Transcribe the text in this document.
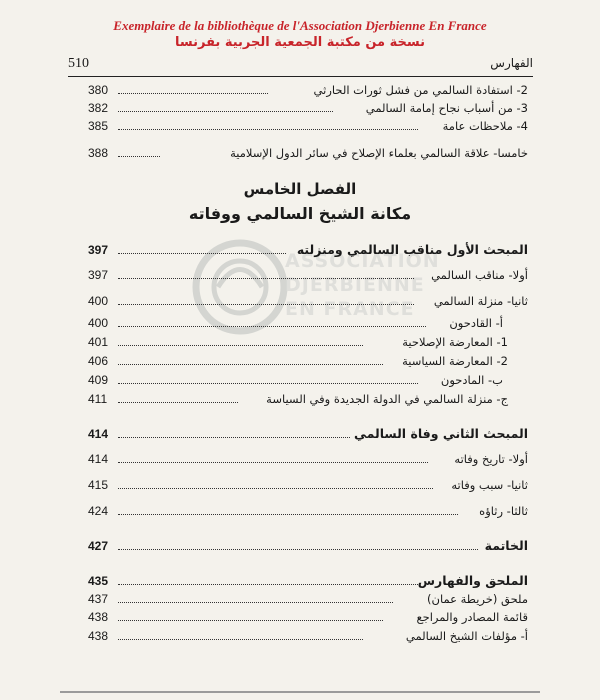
Exemplaire de la bibliothèque de l'Association Djerbienne En France
نسخة من مكتبة الجمعية الجربية بفرنسا
510	الفهارس
ASSOCIATION
DJERBIENNE
EN FRANCE
380	2- استفادة السالمي من فشل ثورات الحارثي
382	3- من أسباب نجاح إمامة السالمي
385	4- ملاحظات عامة
388	خامسا- علاقة السالمي بعلماء الإصلاح في سائر الدول الإسلامية
الفصل الخامس
مكانة الشيخ السالمي ووفاته
397	المبحث الأول مناقب السالمي ومنزلته
397	أولا- مناقب السالمي
400	ثانيا- منزلة السالمي
400	أ- القادحون
401	1- المعارضة الإصلاحية
406	2- المعارضة السياسية
409	ب- المادحون
411	ج- منزلة السالمي في الدولة الجديدة وفي السياسة
414	المبحث الثاني وفاة السالمي
414	أولا- تاريخ وفاته
415	ثانيا- سبب وفاته
424	ثالثا- رثاؤه
427	الخاتمة
435	الملحق والفهارس
437	ملحق (خريطة عمان)
438	قائمة المصادر والمراجع
438	أ- مؤلفات الشيخ السالمي
